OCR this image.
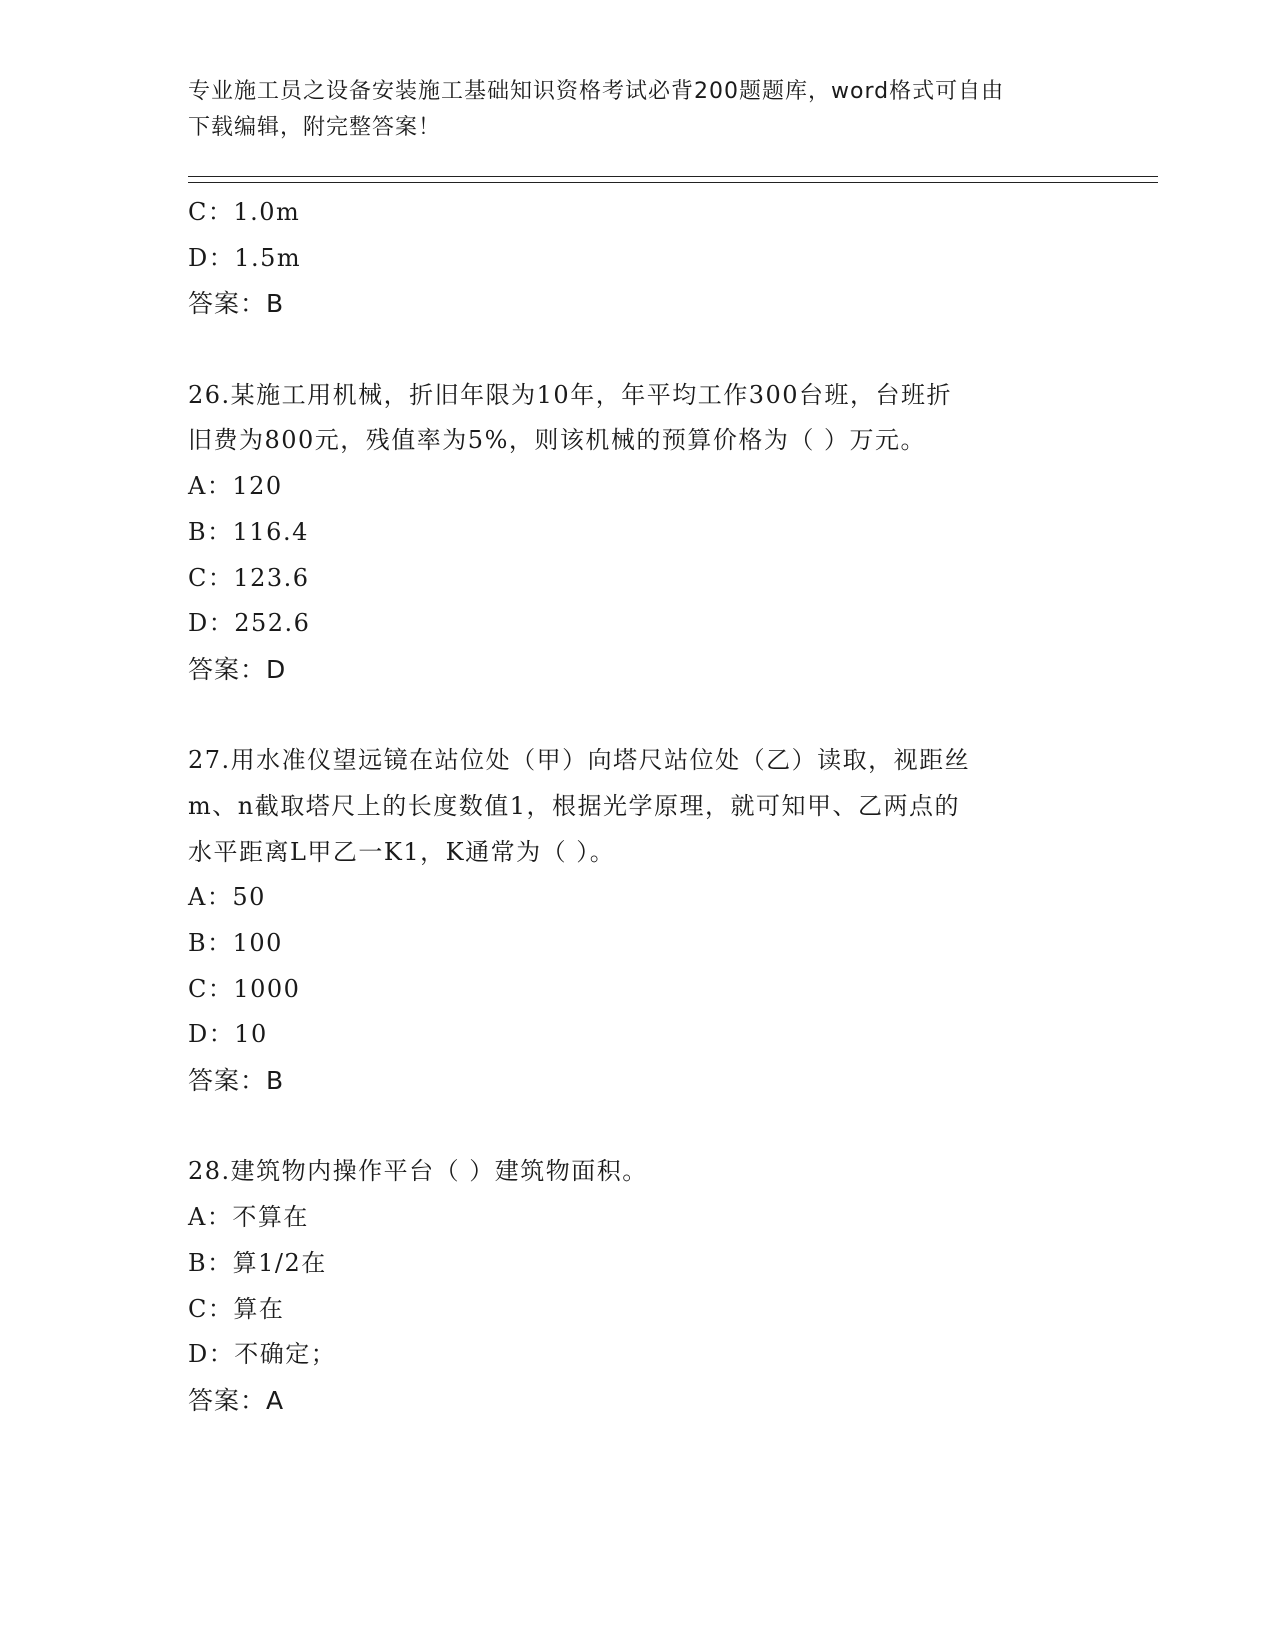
专业施工员之设备安装施工基础知识资格考试必背200题题库，word格式可自由
下载编辑，附完整答案！
C：1.0m
D：1.5m
答案：B
26.某施工用机械，折旧年限为10年，年平均工作300台班，台班折
旧费为800元，残值率为5%，则该机械的预算价格为（ ）万元。
A：120
B：116.4
C：123.6
D：252.6
答案：D
27.用水准仪望远镜在站位处（甲）向塔尺站位处（乙）读取，视距丝
m、n截取塔尺上的长度数值1，根据光学原理，就可知甲、乙两点的
水平距离L甲乙一K1，K通常为（ ）。
A：50
B：100
C：1000
D：10
答案：B
28.建筑物内操作平台（ ）建筑物面积。
A：不算在
B：算1/2在
C：算在
D：不确定；
答案：A
